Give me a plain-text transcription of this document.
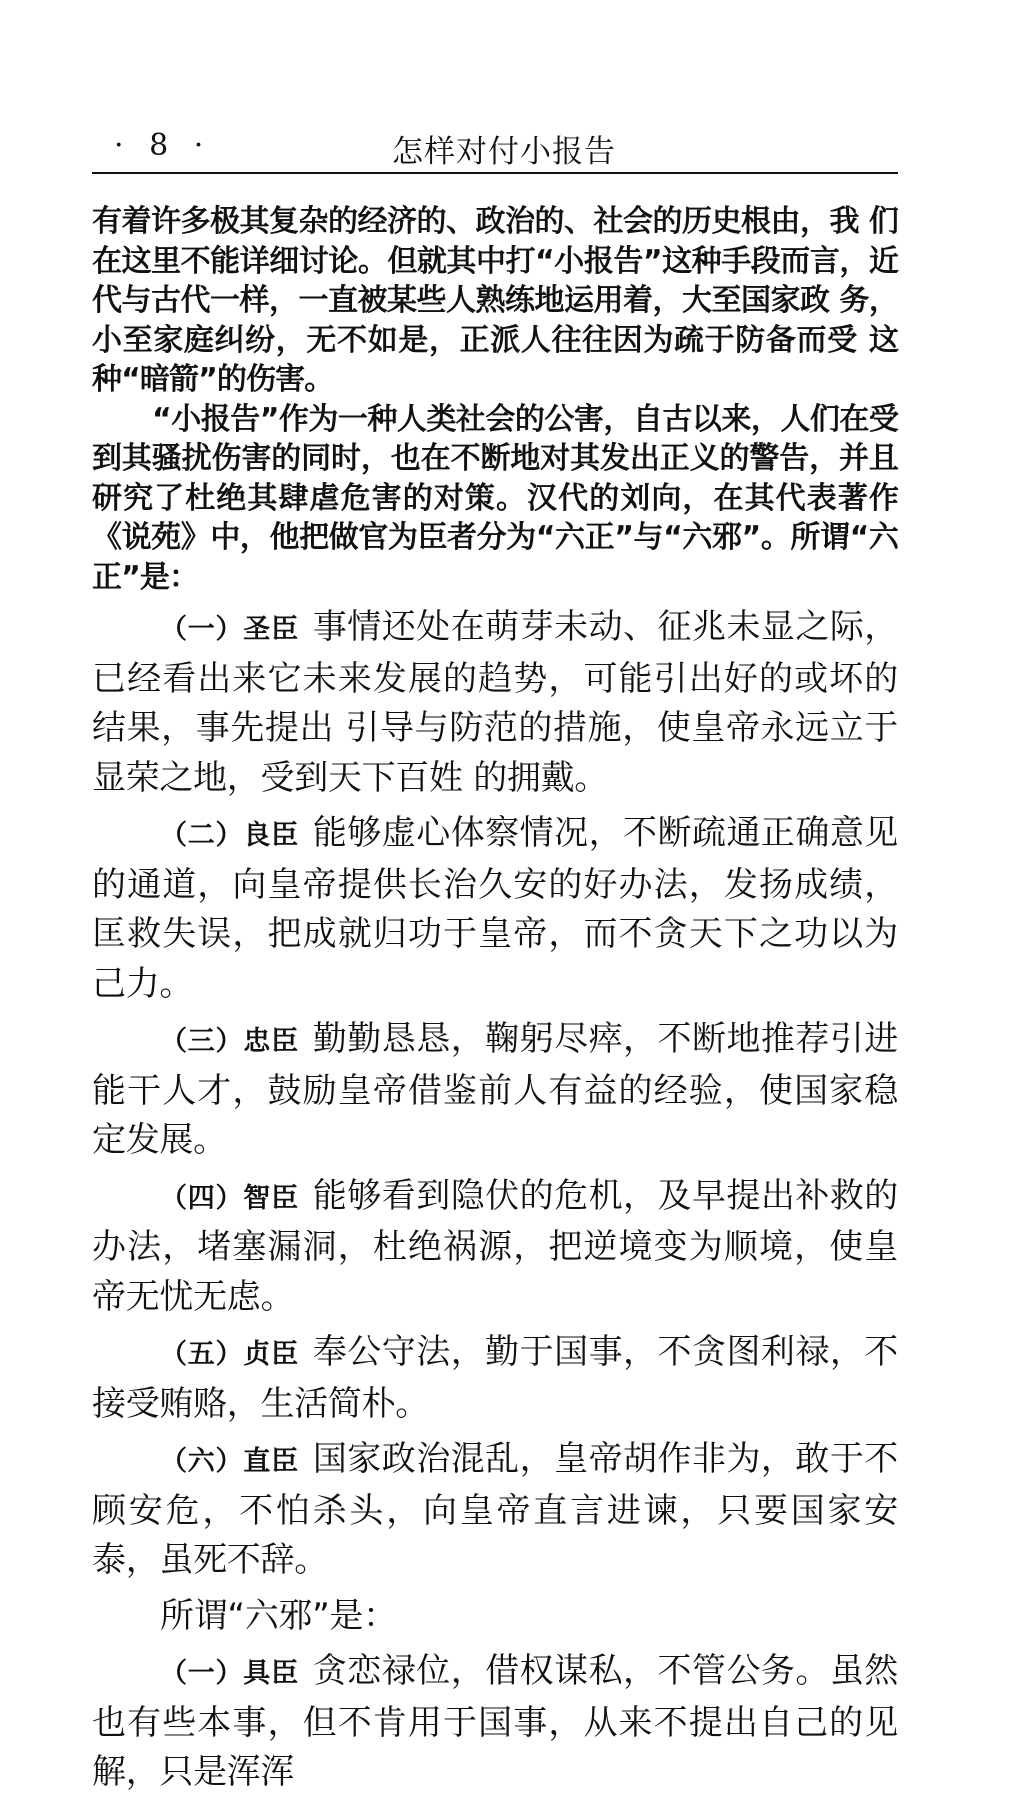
· 8 ·	怎样对付小报告

有着许多极其复杂的经济的、政治的、社会的历史根由，我 们在这里不能详细讨论。但就其中打“小报告”这种手段而言，近代与古代一样，一直被某些人熟练地运用着，大至国家政 务，小至家庭纠纷，无不如是，正派人往往因为疏于防备而受 这种“暗箭”的伤害。

“小报告”作为一种人类社会的公害，自古以来，人们在受 到其骚扰伤害的同时，也在不断地对其发出正义的警告，并且 研究了杜绝其肆虐危害的对策。汉代的刘向，在其代表著作《说苑》中，他把做官为臣者分为“六正”与“六邪”。所谓“六正”是：

（一）圣臣 事情还处在萌芽未动、征兆未显之际，已经看出来它未来发展的趋势，可能引出好的或坏的结果，事先提出 引导与防范的措施，使皇帝永远立于显荣之地，受到天下百姓 的拥戴。

（二）良臣 能够虚心体察情况，不断疏通正确意见的通道，向皇帝提供长治久安的好办法，发扬成绩，匡救失误，把成就归功于皇帝，而不贪天下之功以为己力。

（三）忠臣 勤勤恳恳，鞠躬尽瘁，不断地推荐引进能干人才，鼓励皇帝借鉴前人有益的经验，使国家稳定发展。

（四）智臣 能够看到隐伏的危机，及早提出补救的办法，堵塞漏洞，杜绝祸源，把逆境变为顺境，使皇帝无忧无虑。

（五）贞臣 奉公守法，勤于国事，不贪图利禄，不接受贿赂，生活简朴。

（六）直臣 国家政治混乱，皇帝胡作非为，敢于不顾安危，不怕杀头，向皇帝直言进谏，只要国家安泰，虽死不辞。

所谓“六邪”是：

（一）具臣 贪恋禄位，借权谋私，不管公务。虽然也有些本事，但不肯用于国事，从来不提出自己的见解，只是浑浑
